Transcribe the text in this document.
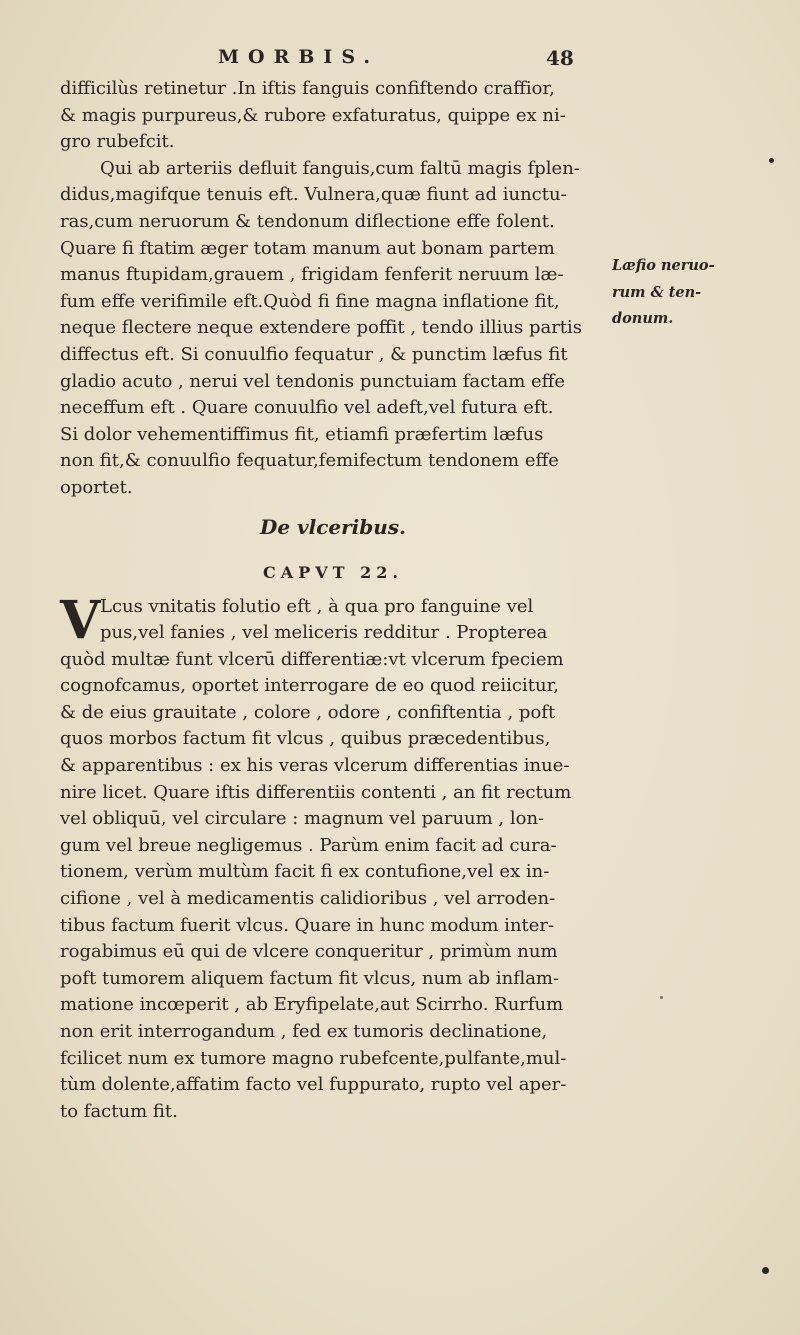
MORBIS.	48
difficilùs retinetur .In iftis fanguis confiftendo craffior,
& magis purpureus,& rubore exfaturatus, quippe ex ni-
gro rubefcit.
Qui ab arteriis defluit fanguis,cum faltū magis fplen-
didus,magifque tenuis eft. Vulnera,quæ fiunt ad iunctu-
ras,cum neruorum & tendonum diflectione effe folent.
Quare fi ftatim æger totam manum aut bonam partem
manus ftupidam,grauem , frigidam fenferit neruum læ-
fum effe verifimile eft.Quòd fi fine magna inflatione fit,
neque flectere neque extendere poffit , tendo illius partis
diffectus eft. Si conuulfio fequatur , & punctim læfus fit
gladio acuto , nerui vel tendonis punctuiam factam effe
neceffum eft . Quare conuulfio vel adeft,vel futura eft.
Si dolor vehementiffimus fit, etiamfi præfertim læfus
non fit,& conuulfio fequatur,femifectum tendonem effe
oportet.
De vlceribus.
CAPVT 22.
V Lcus vnitatis folutio eft , à qua pro fanguine vel
pus,vel fanies , vel meliceris redditur . Propterea
quòd multæ funt vlcerū differentiæ:vt vlcerum fpeciem
cognofcamus, oportet interrogare de eo quod reiicitur,
& de eius grauitate , colore , odore , confiftentia , poft
quos morbos factum fit vlcus , quibus præcedentibus,
& apparentibus : ex his veras vlcerum differentias inue-
nire licet. Quare iftis differentiis contenti , an fit rectum
vel obliquū, vel circulare : magnum vel paruum , lon-
gum vel breue negligemus . Parùm enim facit ad cura-
tionem, verùm multùm facit fi ex contufione,vel ex in-
cifione , vel à medicamentis calidioribus , vel arroden-
tibus factum fuerit vlcus. Quare in hunc modum inter-
rogabimus eū qui de vlcere conqueritur , primùm num
poft tumorem aliquem factum fit vlcus, num ab inflam-
matione incœperit , ab Eryfipelate,aut Scirrho. Rurfum
non erit interrogandum , fed ex tumoris declinatione,
fcilicet num ex tumore magno rubefcente,pulfante,mul-
tùm dolente,affatim facto vel fuppurato, rupto vel aper-
to factum fit.
Læfio neruo-
rum & ten-
donum.
